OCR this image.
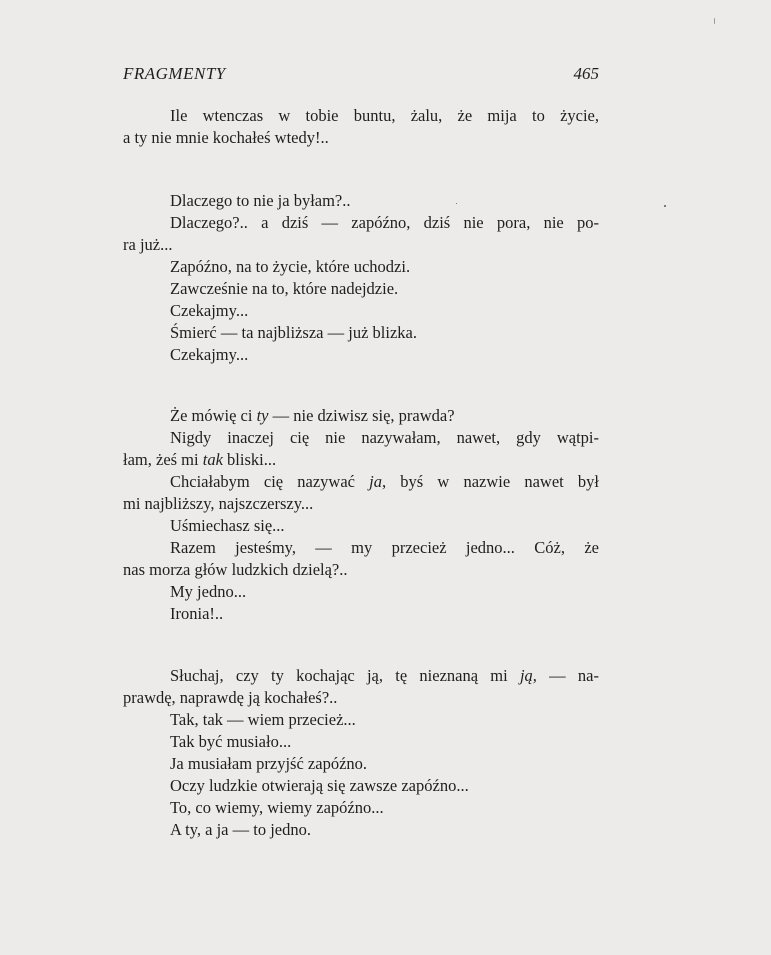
FRAGMENTY	465
Ile wtenczas w tobie buntu, żalu, że mija to życie,
a ty nie mnie kochałeś wtedy!..
Dlaczego to nie ja byłam?..
Dlaczego?.. a dziś — zapóźno, dziś nie pora, nie po-
ra już...
Zapóźno, na to życie, które uchodzi.
Zawcześnie na to, które nadejdzie.
Czekajmy...
Śmierć — ta najbliższa — już blizka.
Czekajmy...
Że mówię ci ty — nie dziwisz się, prawda?
Nigdy inaczej cię nie nazywałam, nawet, gdy wątpi-
łam, żeś mi tak bliski...
Chciałabym cię nazywać ja, byś w nazwie nawet był
mi najbliższy, najszczerszy...
Uśmiechasz się...
Razem jesteśmy, — my przecież jedno... Cóż, że
nas morza głów ludzkich dzielą?..
My jedno...
Ironia!..
Słuchaj, czy ty kochając ją, tę nieznaną mi ją, — na-
prawdę, naprawdę ją kochałeś?..
Tak, tak — wiem przecież...
Tak być musiało...
Ja musiałam przyjść zapóźno.
Oczy ludzkie otwierają się zawsze zapóźno...
To, co wiemy, wiemy zapóźno...
A ty, a ja — to jedno.
